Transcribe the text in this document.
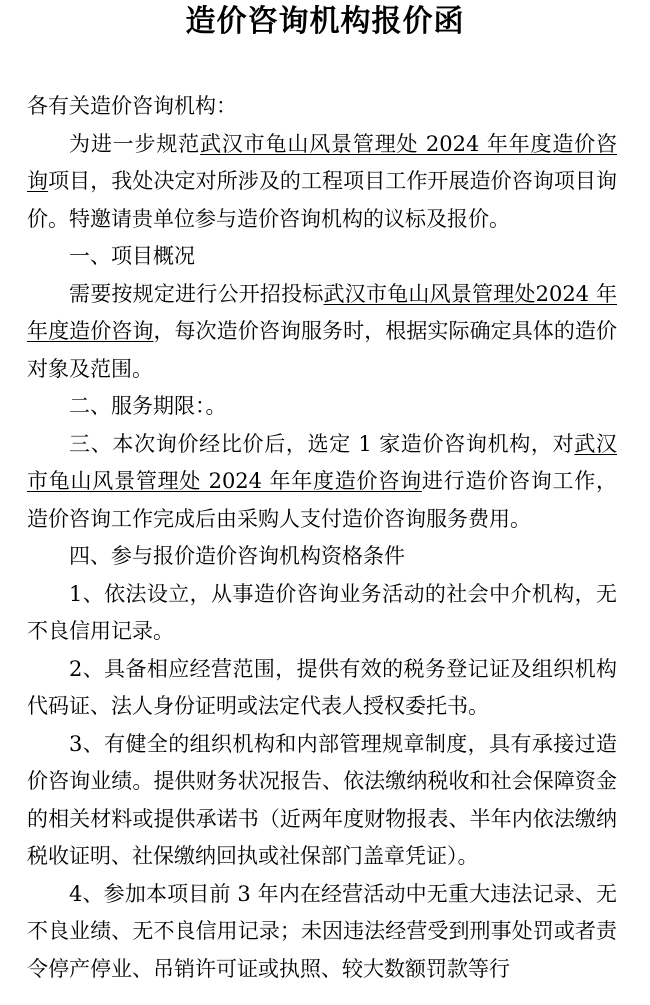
造价咨询机构报价函

各有关造价咨询机构：

为进一步规范武汉市龟山风景管理处 2024 年年度造价咨询项目，我处决定对所涉及的工程项目工作开展造价咨询项目询价。特邀请贵单位参与造价咨询机构的议标及报价。

一、项目概况

需要按规定进行公开招投标武汉市龟山风景管理处2024 年年度造价咨询，每次造价咨询服务时，根据实际确定具体的造价对象及范围。

二、服务期限：。

三、本次询价经比价后，选定 1 家造价咨询机构，对武汉市龟山风景管理处 2024 年年度造价咨询进行造价咨询工作，造价咨询工作完成后由采购人支付造价咨询服务费用。

四、参与报价造价咨询机构资格条件

1、依法设立，从事造价咨询业务活动的社会中介机构，无不良信用记录。

2、具备相应经营范围，提供有效的税务登记证及组织机构代码证、法人身份证明或法定代表人授权委托书。

3、有健全的组织机构和内部管理规章制度，具有承接过造价咨询业绩。提供财务状况报告、依法缴纳税收和社会保障资金的相关材料或提供承诺书（近两年度财物报表、半年内依法缴纳税收证明、社保缴纳回执或社保部门盖章凭证）。

4、参加本项目前 3 年内在经营活动中无重大违法记录、无不良业绩、无不良信用记录；未因违法经营受到刑事处罚或者责令停产停业、吊销许可证或执照、较大数额罚款等行
